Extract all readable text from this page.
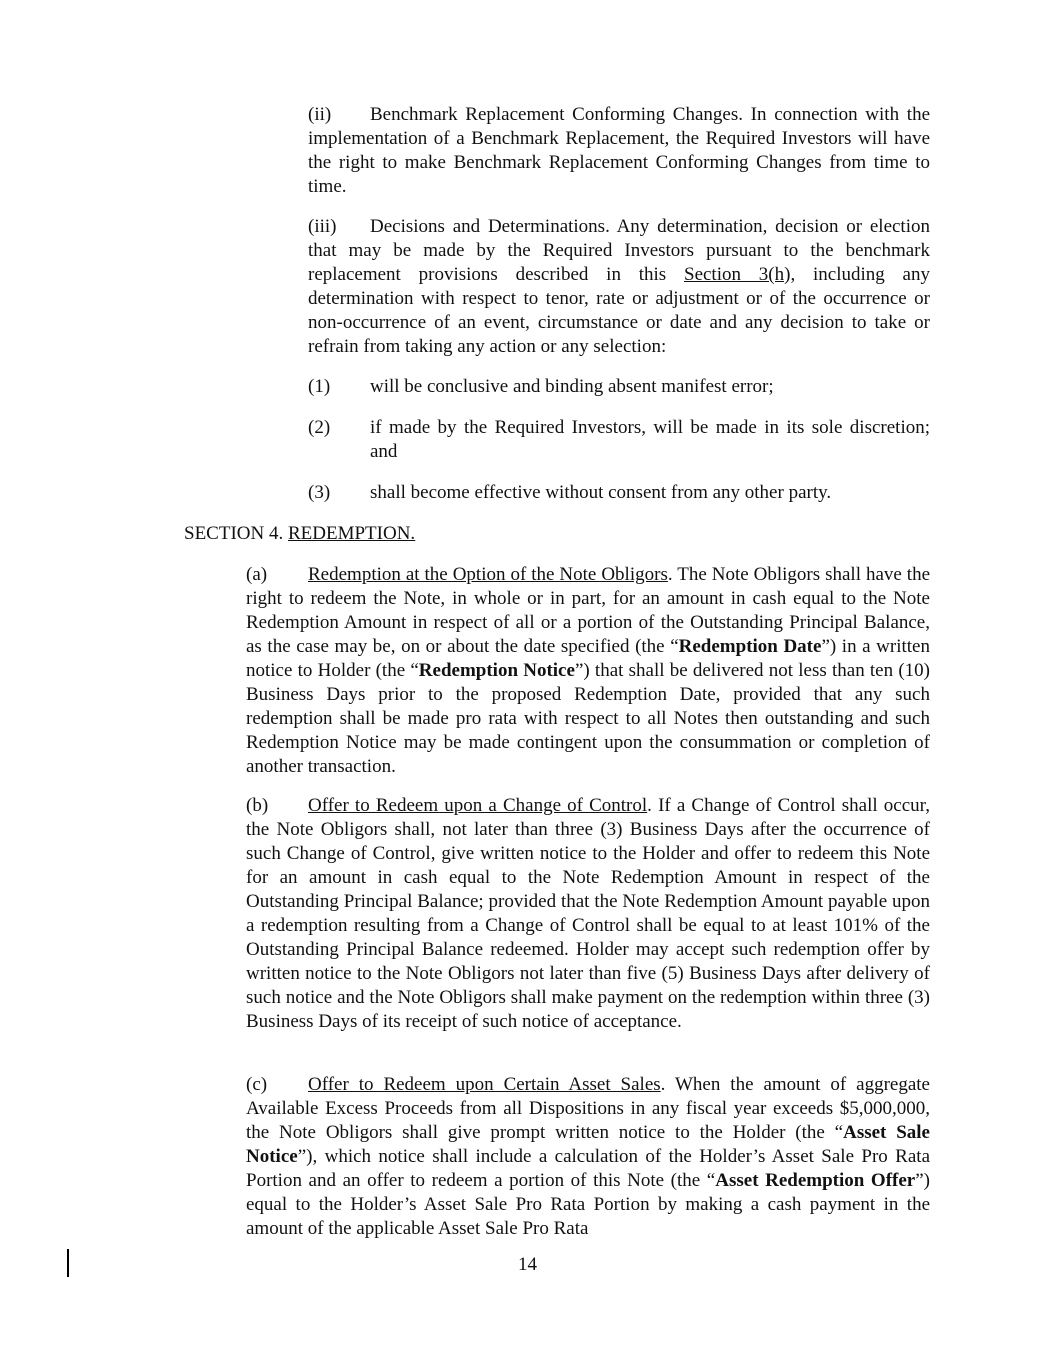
(ii) Benchmark Replacement Conforming Changes. In connection with the implementation of a Benchmark Replacement, the Required Investors will have the right to make Benchmark Replacement Conforming Changes from time to time.

(iii) Decisions and Determinations. Any determination, decision or election that may be made by the Required Investors pursuant to the benchmark replacement provisions described in this Section 3(h), including any determination with respect to tenor, rate or adjustment or of the occurrence or non-occurrence of an event, circumstance or date and any decision to take or refrain from taking any action or any selection:

(1) will be conclusive and binding absent manifest error;
(2) if made by the Required Investors, will be made in its sole discretion; and
(3) shall become effective without consent from any other party.
SECTION 4. REDEMPTION.

(a) Redemption at the Option of the Note Obligors. The Note Obligors shall have the right to redeem the Note, in whole or in part, for an amount in cash equal to the Note Redemption Amount in respect of all or a portion of the Outstanding Principal Balance, as the case may be, on or about the date specified (the “Redemption Date”) in a written notice to Holder (the “Redemption Notice”) that shall be delivered not less than ten (10) Business Days prior to the proposed Redemption Date, provided that any such redemption shall be made pro rata with respect to all Notes then outstanding and such Redemption Notice may be made contingent upon the consummation or completion of another transaction.

(b) Offer to Redeem upon a Change of Control. If a Change of Control shall occur, the Note Obligors shall, not later than three (3) Business Days after the occurrence of such Change of Control, give written notice to the Holder and offer to redeem this Note for an amount in cash equal to the Note Redemption Amount in respect of the Outstanding Principal Balance; provided that the Note Redemption Amount payable upon a redemption resulting from a Change of Control shall be equal to at least 101% of the Outstanding Principal Balance redeemed. Holder may accept such redemption offer by written notice to the Note Obligors not later than five (5) Business Days after delivery of such notice and the Note Obligors shall make payment on the redemption within three (3) Business Days of its receipt of such notice of acceptance.

(c) Offer to Redeem upon Certain Asset Sales. When the amount of aggregate Available Excess Proceeds from all Dispositions in any fiscal year exceeds $5,000,000, the Note Obligors shall give prompt written notice to the Holder (the “Asset Sale Notice”), which notice shall include a calculation of the Holder’s Asset Sale Pro Rata Portion and an offer to redeem a portion of this Note (the “Asset Redemption Offer”) equal to the Holder’s Asset Sale Pro Rata Portion by making a cash payment in the amount of the applicable Asset Sale Pro Rata

14
